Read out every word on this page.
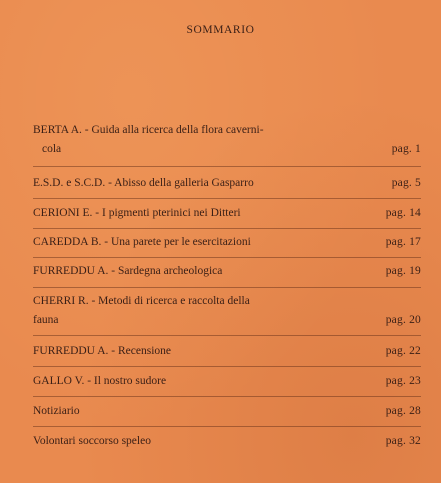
SOMMARIO
BERTA A. - Guida alla ricerca della flora caverni-
cola	pag. 1
E.S.D. e S.C.D. - Abisso della galleria Gasparro	pag. 5
CERIONI E. - I pigmenti pterinici nei Ditteri	pag. 14
CAREDDA B. - Una parete per le esercitazioni	pag. 17
FURREDDU A. - Sardegna archeologica	pag. 19
CHERRI R. - Metodi di ricerca e raccolta della
fauna	pag. 20
FURREDDU A. - Recensione	pag. 22
GALLO V. - Il nostro sudore	pag. 23
Notiziario	pag. 28
Volontari soccorso speleo	pag. 32
